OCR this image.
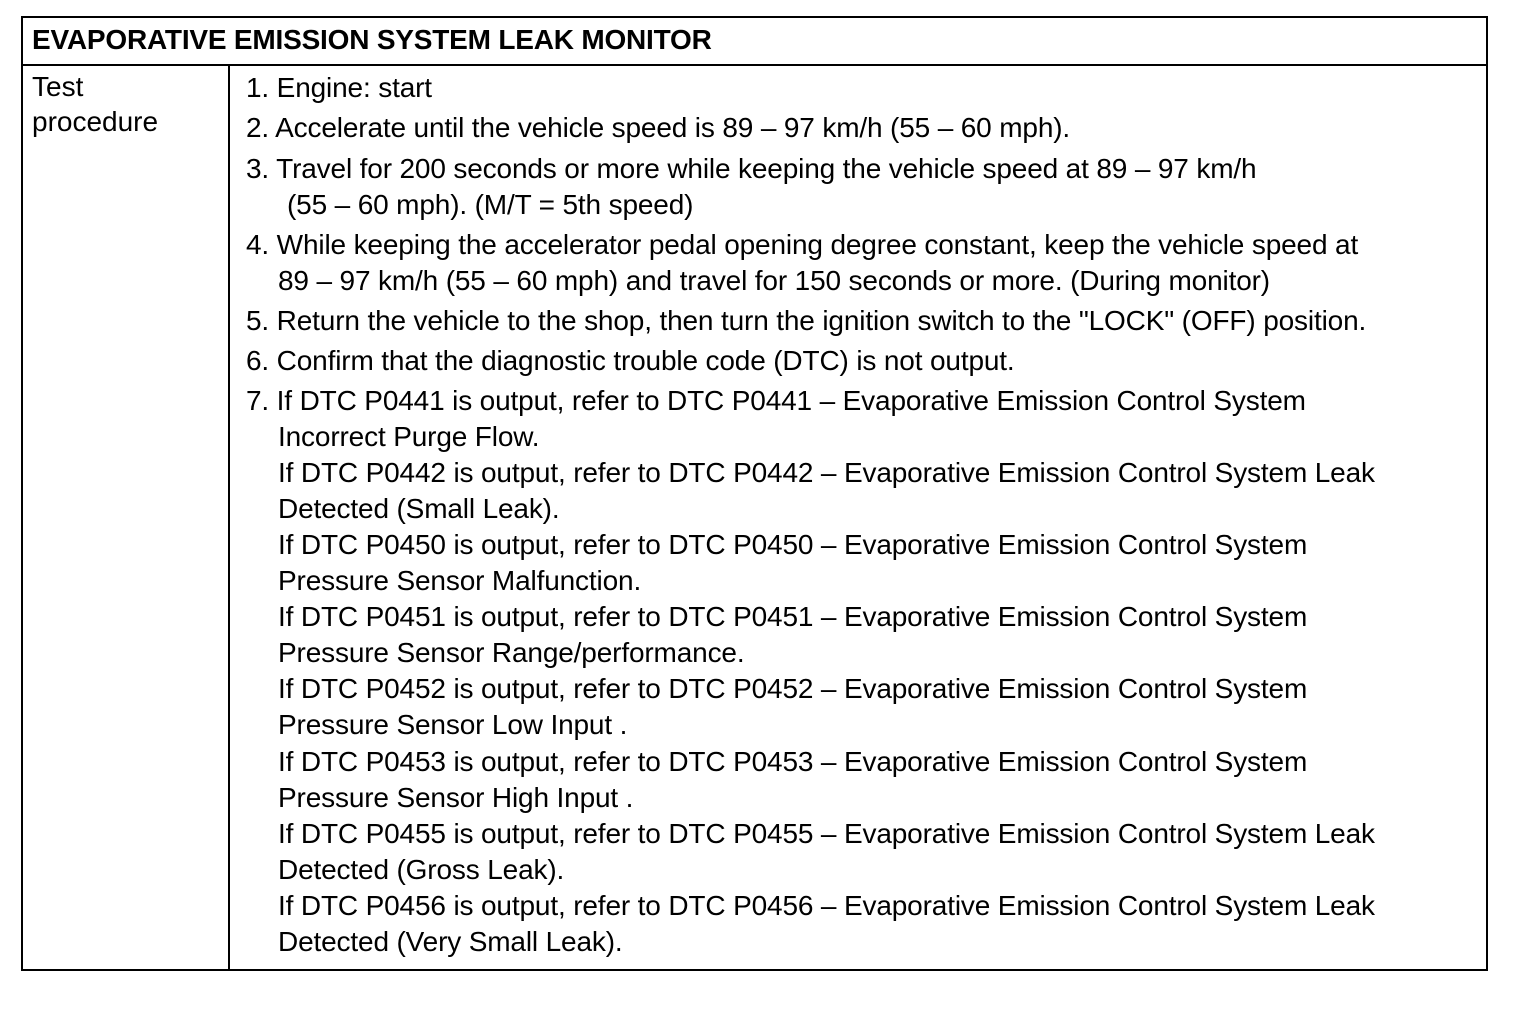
EVAPORATIVE EMISSION SYSTEM LEAK MONITOR
Test
procedure
1. Engine: start
2. Accelerate until the vehicle speed is 89 – 97 km/h (55 – 60 mph).
3. Travel for 200 seconds or more while keeping the vehicle speed at 89 – 97 km/h
(55 – 60 mph). (M/T = 5th speed)
4. While keeping the accelerator pedal opening degree constant, keep the vehicle speed at
89 – 97 km/h (55 – 60 mph) and travel for 150 seconds or more. (During monitor)
5. Return the vehicle to the shop, then turn the ignition switch to the "LOCK" (OFF) position.
6. Confirm that the diagnostic trouble code (DTC) is not output.
7. If DTC P0441 is output, refer to DTC P0441 – Evaporative Emission Control System
Incorrect Purge Flow.
If DTC P0442 is output, refer to DTC P0442 – Evaporative Emission Control System Leak
Detected (Small Leak).
If DTC P0450 is output, refer to DTC P0450 – Evaporative Emission Control System
Pressure Sensor Malfunction.
If DTC P0451 is output, refer to DTC P0451 – Evaporative Emission Control System
Pressure Sensor Range/performance.
If DTC P0452 is output, refer to DTC P0452 – Evaporative Emission Control System
Pressure Sensor Low Input .
If DTC P0453 is output, refer to DTC P0453 – Evaporative Emission Control System
Pressure Sensor High Input .
If DTC P0455 is output, refer to DTC P0455 – Evaporative Emission Control System Leak
Detected (Gross Leak).
If DTC P0456 is output, refer to DTC P0456 – Evaporative Emission Control System Leak
Detected (Very Small Leak).
